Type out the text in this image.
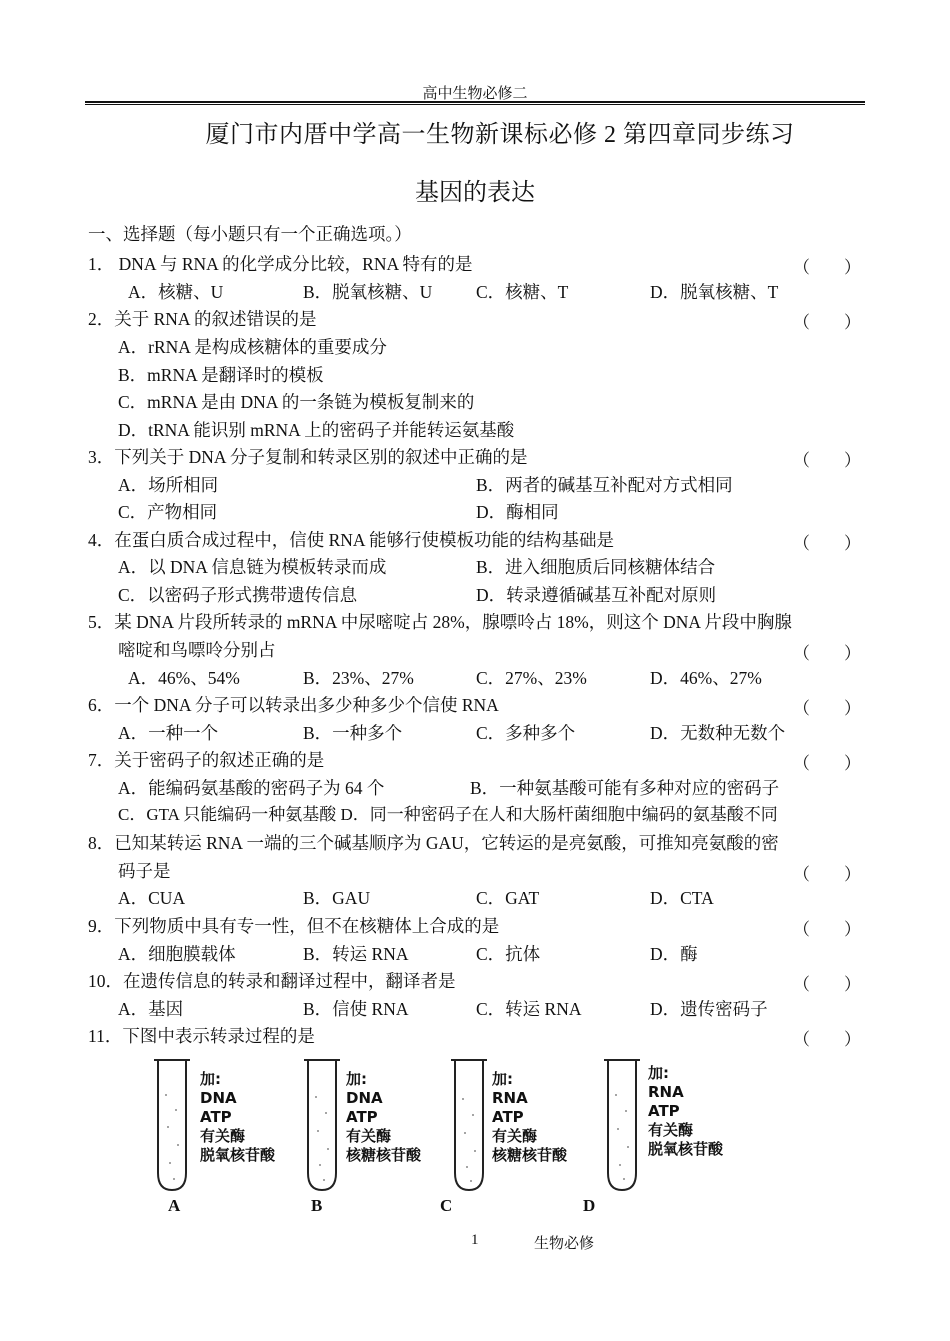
高中生物必修二
厦门市内厝中学高一生物新课标必修 2 第四章同步练习
基因的表达
一、选择题（每小题只有一个正确选项。）
1． DNA 与 RNA 的化学成分比较，RNA 特有的是	（        ）
A．核糖、U	B．脱氧核糖、U C．核糖、T	D．脱氧核糖、T
2．关于 RNA 的叙述错误的是	（        ）
A．rRNA 是构成核糖体的重要成分
B．mRNA 是翻译时的模板
C．mRNA 是由 DNA 的一条链为模板复制来的
D．tRNA 能识别 mRNA 上的密码子并能转运氨基酸
3．下列关于 DNA 分子复制和转录区别的叙述中正确的是	（        ）
A．场所相同	B．两者的碱基互补配对方式相同
C．产物相同	D．酶相同
4．在蛋白质合成过程中，信使 RNA 能够行使模板功能的结构基础是	（        ）
A．以 DNA 信息链为模板转录而成	B．进入细胞质后同核糖体结合
C．以密码子形式携带遗传信息	D．转录遵循碱基互补配对原则
5．某 DNA 片段所转录的 mRNA 中尿嘧啶占 28%，腺嘌呤占 18%，则这个 DNA 片段中胸腺
嘧啶和鸟嘌呤分别占	（        ）
A．46%、54%	B．23%、27%	C．27%、23%	D．46%、27%
6．一个 DNA 分子可以转录出多少种多少个信使 RNA	（        ）
A．一种一个	B．一种多个	C．多种多个	D．无数种无数个
7．关于密码子的叙述正确的是	（        ）
A．能编码氨基酸的密码子为 64 个	B．一种氨基酸可能有多种对应的密码子
C．GTA 只能编码一种氨基酸 D．同一种密码子在人和大肠杆菌细胞中编码的氨基酸不同
8．已知某转运 RNA 一端的三个碱基顺序为 GAU，它转运的是亮氨酸，可推知亮氨酸的密
码子是	（        ）
A．CUA	B．GAU	C．GAT	D．CTA
9．下列物质中具有专一性，但不在核糖体上合成的是	（        ）
A．细胞膜载体	B．转运 RNA	C．抗体	D．酶
10．在遗传信息的转录和翻译过程中，翻译者是	（        ）
A．基因	B．信使 RNA	C．转运 RNA	D．遗传密码子
11．下图中表示转录过程的是	（        ）
加:
DNA
ATP
有关酶
脱氧核苷酸
加:
DNA
ATP
有关酶
核糖核苷酸
加:
RNA
ATP
有关酶
核糖核苷酸
加:
RNA
ATP
有关酶
脱氧核苷酸
A	B	C	D
1	生物必修
